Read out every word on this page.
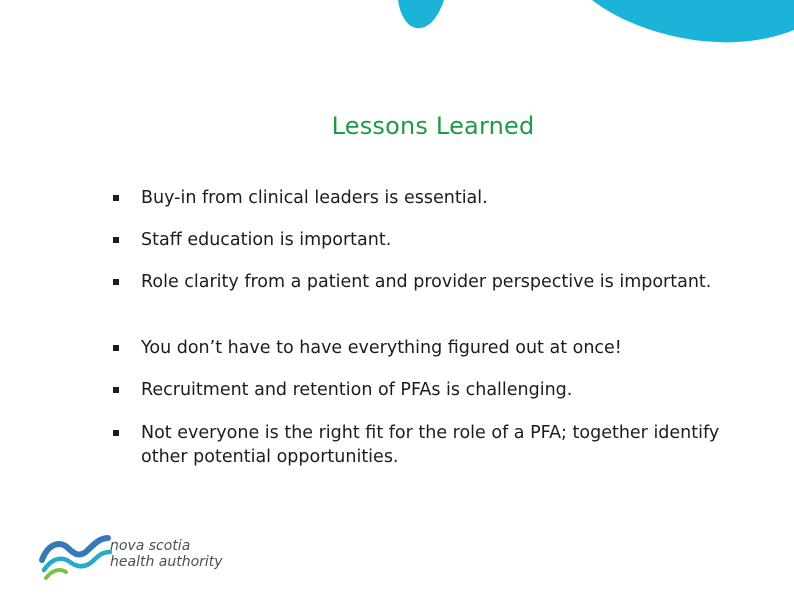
Lessons Learned
Buy-in from clinical leaders is essential.
Staff education is important.
Role clarity from a patient and provider perspective is important.
You don’t have to have everything figured out at once!
Recruitment and retention of PFAs is challenging.
Not everyone is the right fit for the role of a PFA; together identify other potential opportunities.
nova scotia
health authority
